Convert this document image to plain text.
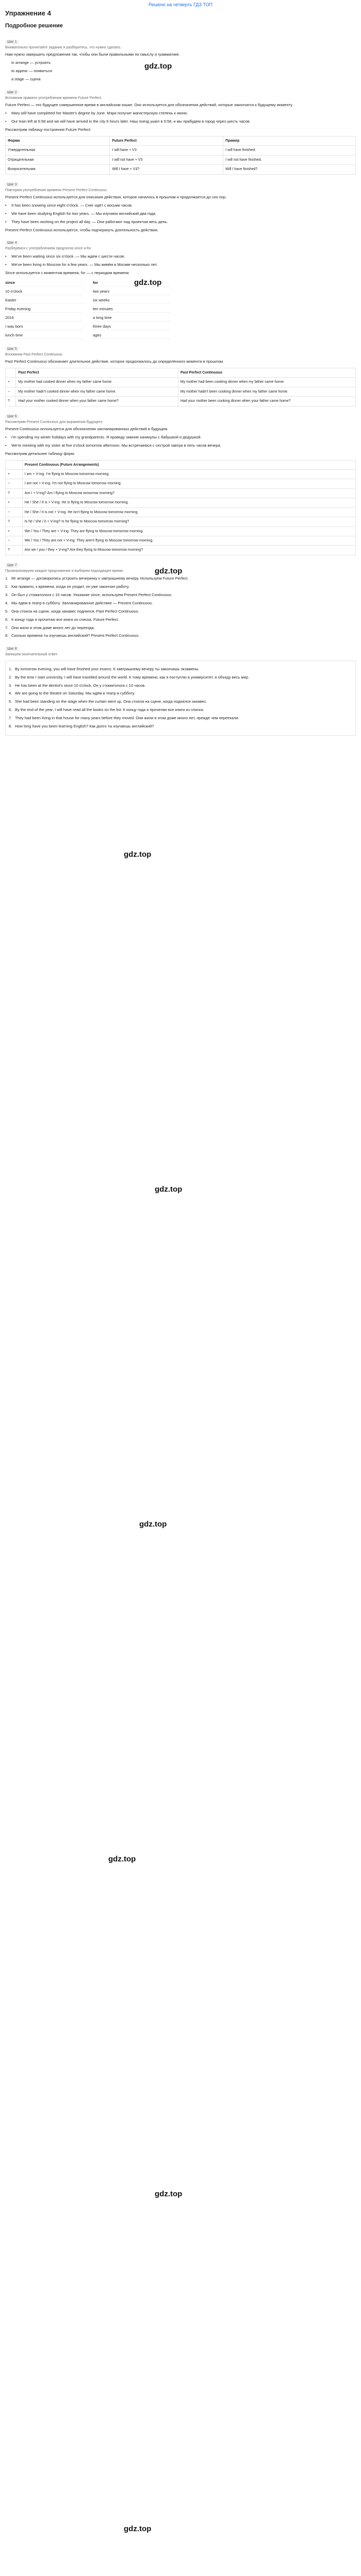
Решено на четверть ГДЗ ТОП
Упражнение 4
Подробное решение
Шаг 1
Внимательно прочитайте задание и разберитесь, что нужно сделать.

Нам нужно завершить предложения так, чтобы они были правильными по смыслу и грамматике.

in arrange — устроить
to appear — появиться
a stage — сцена
Шаг 2
Вспомним правило употребления времени Future Perfect.

Future Perfect — это будущее совершенное время в английском языке. Оно используется для обозначения действий, которые закончатся к будущему моменту.

•	Mary will have completed her Master's degree by June. Мэри получит магистерскую степень к июню.
•	Our train left at 5:58 and we will have arrived in the city 6 hours later. Наш поезд ушел в 5:58, и мы прибудем в город через шесть часов.

Рассмотрим таблицу построения Future Perfect:

Форма	Future Perfect	Пример
Утвердительная	I will have + V3	I will have finished.
Отрицательная	I will not have + V3	I will not have finished.
Вопросительная	Will I have + V3?	Will I have finished?
Шаг 3
Повторим употребление времени Present Perfect Continuous.

Present Perfect Continuous используется для описания действия, которое началось в прошлом и продолжается до сих пор.

•	It has been snowing since eight o'clock. — Снег идёт с восьми часов.
•	We have been studying English for two years. — Мы изучаем английский два года.
•	They have been working on the project all day. — Они работают над проектом весь день.

Present Perfect Continuous используется, чтобы подчеркнуть длительность действия.

Шаг 4
Разберёмся с употреблением предлогов since и for.
•	We've been waiting since six o'clock. — Мы ждем с шести часов.
•	We've been living in Moscow for a few years. — Мы живём в Москве несколько лет.

Since используется с моментом времени, for — с периодом времени.

since	for
10 o'clock	two years
Easter	six weeks
Friday evening	ten minutes
2016	a long time
I was born	three days
lunch time	ages
Шаг 5
Вспомним Past Perfect Continuous.

Past Perfect Continuous обозначает длительное действие, которое продолжалось до определённого момента в прошлом.

	Past Perfect	Past Perfect Continuous
+	My mother had cooked dinner when my father came home.	My mother had been cooking dinner when my father came home.
−	My mother hadn't cooked dinner when my father came home.	My mother hadn't been cooking dinner when my father came home.
?	Had your mother cooked dinner when your father came home?	Had your mother been cooking dinner when your father came home?
Шаг 6
Рассмотрим Present Continuous для выражения будущего.

Present Continuous используется для обозначения запланированных действий в будущем.

•	I'm spending my winter holidays with my grandparents. Я проведу зимние каникулы с бабушкой и дедушкой.
•	We're meeting with my sister at five o'clock tomorrow afternoon. Мы встречаемся с сестрой завтра в пять часов вечера.

Рассмотрим детальнее таблицу форм:

	Present Continuous (Future Arrangements)
+	I am + V-ing. I'm flying to Moscow tomorrow morning.
−	I am not + V-ing. I'm not flying to Moscow tomorrow morning.
?	Am I + V-ing? Am I flying to Moscow tomorrow morning?
+	He / She / It is + V-ing. He is flying to Moscow tomorrow morning.
−	He / She / It is not + V-ing. He isn't flying to Moscow tomorrow morning.
?	Is he / she / it + V-ing? Is he flying to Moscow tomorrow morning?
+	We / You / They are + V-ing. They are flying to Moscow tomorrow morning.
−	We / You / They are not + V-ing. They aren't flying to Moscow tomorrow morning.
?	Are we / you / they + V-ing? Are they flying to Moscow tomorrow morning?
Шаг 7
Проанализируем каждое предложение и выберем подходящее время.
1. Mr arrange — договорились устроить вечеринку к завтрашнему вечеру. Используем Future Perfect.
2. Как правило, к времени, когда он уходит, он уже закончил работу.
3. Он был у стоматолога с 10 часов. Указание since, используем Present Perfect Continuous.
4. Мы едем в театр в субботу. Запланированное действие — Present Continuous.
5. Она стояла на сцене, когда занавес поднялся. Past Perfect Continuous.
6. К концу года я прочитаю все книги из списка. Future Perfect.
7. Они жили в этом доме много лет до переезда.
8. Сколько времени ты изучаешь английский? Present Perfect Continuous.
Шаг 8
Запишем окончательный ответ.
1. By tomorrow evening, you will have finished your exams. К завтрашнему вечеру ты закончишь экзамены.
2. By the time I start university, I will have travelled around the world. К тому времени, как я поступлю в университет, я объеду весь мир.
3. He has been at the dentist's since 10 o'clock. Он у стоматолога с 10 часов.
4. We are going to the theatre on Saturday. Мы идём в театр в субботу.
5. She had been standing on the stage when the curtain went up. Она стояла на сцене, когда поднялся занавес.
6. By the end of the year, I will have read all the books on the list. К концу года я прочитаю все книги из списка.
7. They had been living in that house for many years before they moved. Они жили в этом доме много лет, прежде чем переехали.
8. How long have you been learning English? Как долго ты изучаешь английский?
gdz.top
gdz.top
gdz.top
gdz.top
gdz.top
gdz.top
gdz.top
gdz.top
gdz.top
